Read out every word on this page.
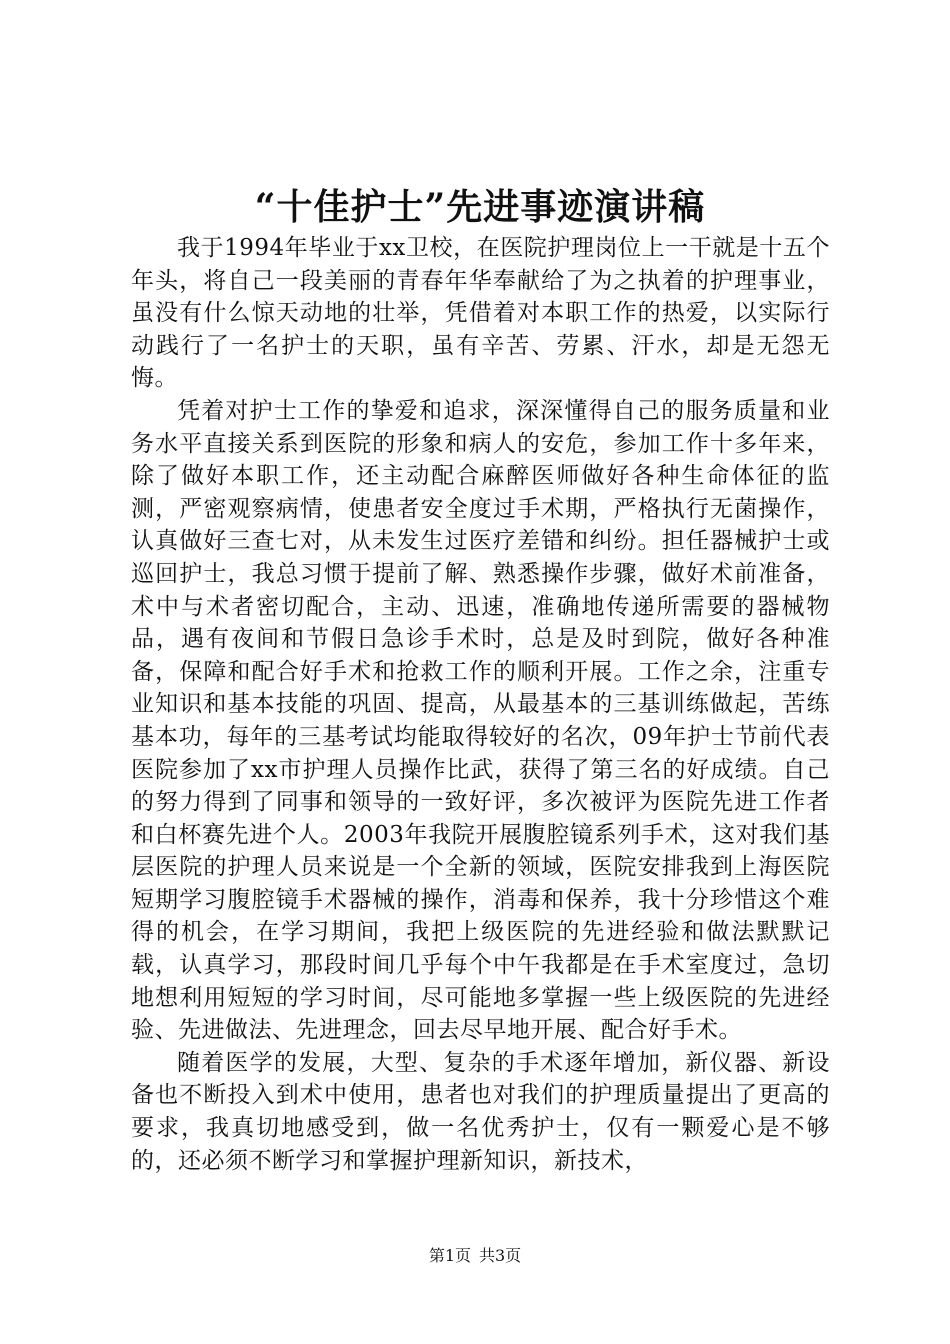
“十佳护士”先进事迹演讲稿

我于1994年毕业于xx卫校，在医院护理岗位上一干就是十五个年头，将自己一段美丽的青春年华奉献给了为之执着的护理事业，虽没有什么惊天动地的壮举，凭借着对本职工作的热爱，以实际行动践行了一名护士的天职，虽有辛苦、劳累、汗水，却是无怨无悔。

凭着对护士工作的挚爱和追求，深深懂得自己的服务质量和业务水平直接关系到医院的形象和病人的安危，参加工作十多年来，除了做好本职工作，还主动配合麻醉医师做好各种生命体征的监测，严密观察病情，使患者安全度过手术期，严格执行无菌操作，认真做好三查七对，从未发生过医疗差错和纠纷。担任器械护士或巡回护士，我总习惯于提前了解、熟悉操作步骤，做好术前准备，术中与术者密切配合，主动、迅速，准确地传递所需要的器械物品，遇有夜间和节假日急诊手术时，总是及时到院，做好各种准备，保障和配合好手术和抢救工作的顺利开展。工作之余，注重专业知识和基本技能的巩固、提高，从最基本的三基训练做起，苦练基本功，每年的三基考试均能取得较好的名次，09年护士节前代表医院参加了xx市护理人员操作比武，获得了第三名的好成绩。自己的努力得到了同事和领导的一致好评，多次被评为医院先进工作者和白杯赛先进个人。2003年我院开展腹腔镜系列手术，这对我们基层医院的护理人员来说是一个全新的领域，医院安排我到上海医院短期学习腹腔镜手术器械的操作，消毒和保养，我十分珍惜这个难得的机会，在学习期间，我把上级医院的先进经验和做法默默记载，认真学习，那段时间几乎每个中午我都是在手术室度过，急切地想利用短短的学习时间，尽可能地多掌握一些上级医院的先进经验、先进做法、先进理念，回去尽早地开展、配合好手术。

随着医学的发展，大型、复杂的手术逐年增加，新仪器、新设备也不断投入到术中使用，患者也对我们的护理质量提出了更高的要求，我真切地感受到，做一名优秀护士，仅有一颗爱心是不够的，还必须不断学习和掌握护理新知识，新技术，

第1页 共3页
